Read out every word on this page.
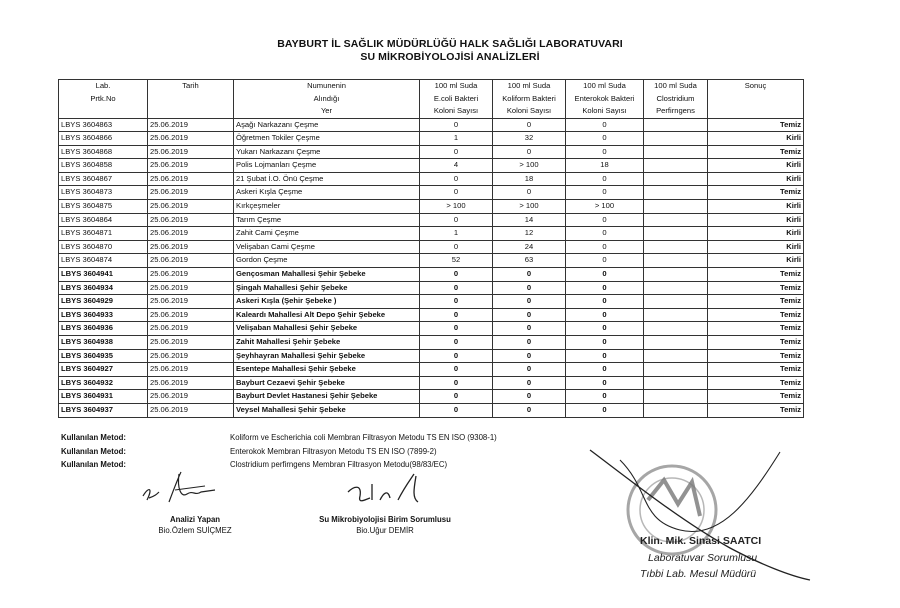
BAYBURT İL SAĞLIK MÜDÜRLÜĞÜ HALK SAĞLIĞI LABORATUVARI
SU MİKROBİYOLOJİSİ ANALİZLERİ
Lab.	Tarih	Numunenin	100 ml Suda	100 ml Suda	100 ml Suda	100 ml Suda	Sonuç
Prtk.No		Alındığı	E.coli Bakteri	Koliform Bakteri	Enterokok Bakteri	Clostridium	
		Yer	Koloni Sayısı	Koloni Sayısı	Koloni Sayısı	Perfirngens	
LBYS 3604863	25.06.2019	Aşağı Narkazanı Çeşme	0	0	0		Temiz
LBYS 3604866	25.06.2019	Öğretmen Tokiler Çeşme	1	32	0		Kirli
LBYS 3604868	25.06.2019	Yukarı Narkazanı Çeşme	0	0	0		Temiz
LBYS 3604858	25.06.2019	Polis Lojmanları Çeşme	4	> 100	18		Kirli
LBYS 3604867	25.06.2019	21 Şubat İ.O. Önü Çeşme	0	18	0		Kirli
LBYS 3604873	25.06.2019	Askeri Kışla Çeşme	0	0	0		Temiz
LBYS 3604875	25.06.2019	Kırkçeşmeler	> 100	> 100	> 100		Kirli
LBYS 3604864	25.06.2019	Tarım Çeşme	0	14	0		Kirli
LBYS 3604871	25.06.2019	Zahit Cami Çeşme	1	12	0		Kirli
LBYS 3604870	25.06.2019	Velişaban Cami Çeşme	0	24	0		Kirli
LBYS 3604874	25.06.2019	Gordon Çeşme	52	63	0		Kirli
LBYS 3604941	25.06.2019	Gençosman Mahallesi Şehir Şebeke	0	0	0		Temiz
LBYS 3604934	25.06.2019	Şingah Mahallesi Şehir Şebeke	0	0	0		Temiz
LBYS 3604929	25.06.2019	Askeri Kışla (Şehir Şebeke )	0	0	0		Temiz
LBYS 3604933	25.06.2019	Kaleardı Mahallesi Alt Depo Şehir Şebeke	0	0	0		Temiz
LBYS 3604936	25.06.2019	Velişaban Mahallesi Şehir Şebeke	0	0	0		Temiz
LBYS 3604938	25.06.2019	Zahit Mahallesi Şehir Şebeke	0	0	0		Temiz
LBYS 3604935	25.06.2019	Şeyhhayran Mahallesi Şehir Şebeke	0	0	0		Temiz
LBYS 3604927	25.06.2019	Esentepe Mahallesi Şehir Şebeke	0	0	0		Temiz
LBYS 3604932	25.06.2019	Bayburt Cezaevi Şehir Şebeke	0	0	0		Temiz
LBYS 3604931	25.06.2019	Bayburt Devlet Hastanesi Şehir Şebeke	0	0	0		Temiz
LBYS 3604937	25.06.2019	Veysel Mahallesi Şehir Şebeke	0	0	0		Temiz
Kullanılan Metod:	Koliform ve Escherichia coli Membran Filtrasyon Metodu TS EN ISO (9308-1)
Kullanılan Metod:	Enterokok Membran Filtrasyon Metodu TS EN ISO (7899-2)
Kullanılan Metod:	Clostridium perfirngens Membran Filtrasyon Metodu(98/83/EC)
Analizi Yapan
Bio.Özlem SUİÇMEZ
Su Mikrobiyolojisi Birim Sorumlusu
Bio.Uğur DEMİR
Klin. Mik. Sinasi SAATCI
Laboratuvar Sorumlusu
Tıbbi Lab. Mesul Müdürü
